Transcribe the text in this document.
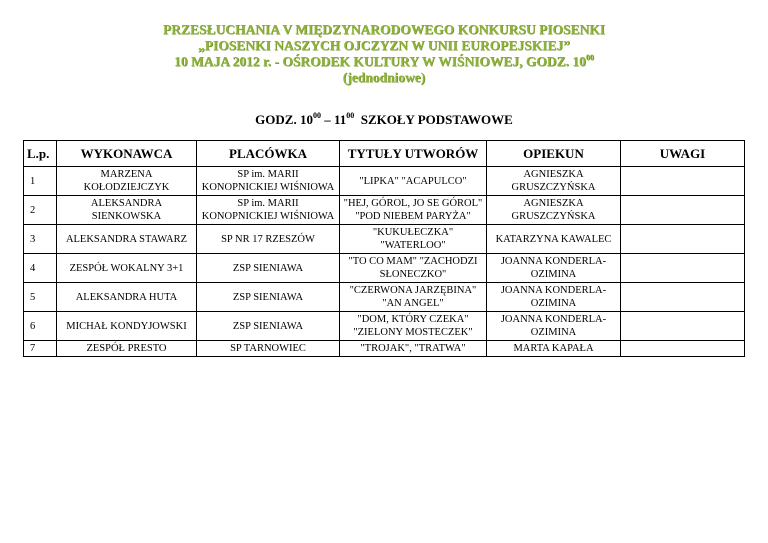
PRZESŁUCHANIA V MIĘDZYNARODOWEGO KONKURSU PIOSENKI
„PIOSENKI NASZYCH OJCZYZN W UNII EUROPEJSKIEJ”
10 MAJA 2012 r. - OŚRODEK KULTURY W WIŚNIOWEJ, GODZ. $10^{00}$
(jednodniowe)
GODZ. $10^{00} - 11^{00}$  SZKOŁY PODSTAWOWE
L.p.	WYKONAWCA	PLACÓWKA	TYTUŁY UTWORÓW	OPIEKUN	UWAGI
1	MARZENA KOŁODZIEJCZYK	SP im. MARII KONOPNICKIEJ WIŚNIOWA	"LIPKA" "ACAPULCO"	AGNIESZKA GRUSZCZYŃSKA	
2	ALEKSANDRA SIENKOWSKA	SP im. MARII KONOPNICKIEJ WIŚNIOWA	"HEJ, GÓROL, JO SE GÓROL" "POD NIEBEM PARYŻA"	AGNIESZKA GRUSZCZYŃSKA	
3	ALEKSANDRA STAWARZ	SP NR 17 RZESZÓW	"KUKUŁECZKA" "WATERLOO"	KATARZYNA KAWALEC	
4	ZESPÓŁ WOKALNY 3+1	ZSP SIENIAWA	"TO CO MAM" "ZACHODZI SŁONECZKO"	JOANNA KONDERLA-OZIMINA	
5	ALEKSANDRA HUTA	ZSP SIENIAWA	"CZERWONA JARZĘBINA" "AN ANGEL"	JOANNA KONDERLA-OZIMINA	
6	MICHAŁ KONDYJOWSKI	ZSP SIENIAWA	"DOM, KTÓRY CZEKA" "ZIELONY MOSTECZEK"	JOANNA KONDERLA-OZIMINA	
7	ZESPÓŁ PRESTO	SP TARNOWIEC	"TROJAK", "TRATWA"	MARTA KAPAŁA	
